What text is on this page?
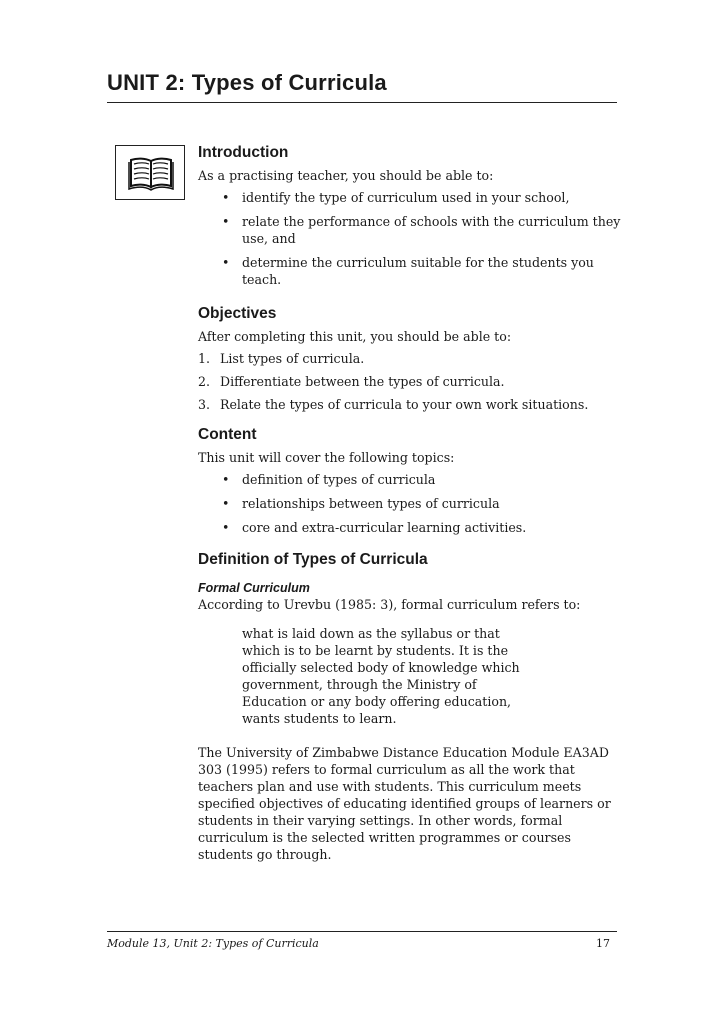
UNIT 2: Types of Curricula
Introduction

As a practising teacher, you should be able to:

• identify the type of curriculum used in your school,
• relate the performance of schools with the curriculum they use, and
• determine the curriculum suitable for the students you teach.
Objectives

After completing this unit, you should be able to:

1. List types of curricula.
2. Differentiate between the types of curricula.
3. Relate the types of curricula to your own work situations.
Content

This unit will cover the following topics:

• definition of types of curricula
• relationships between types of curricula
• core and extra-curricular learning activities.
Definition of Types of Curricula

Formal Curriculum

According to Urevbu (1985: 3), formal curriculum refers to:

what is laid down as the syllabus or that

which is to be learnt by students. It is the

officially selected body of knowledge which

government, through the Ministry of

Education or any body offering education,

wants students to learn.

The University of Zimbabwe Distance Education Module EA3AD

303 (1995) refers to formal curriculum as all the work that

teachers plan and use with students. This curriculum meets

specified objectives of educating identified groups of learners or

students in their varying settings. In other words, formal

curriculum is the selected written programmes or courses

students go through.

Module 13, Unit 2: Types of Curricula	17
